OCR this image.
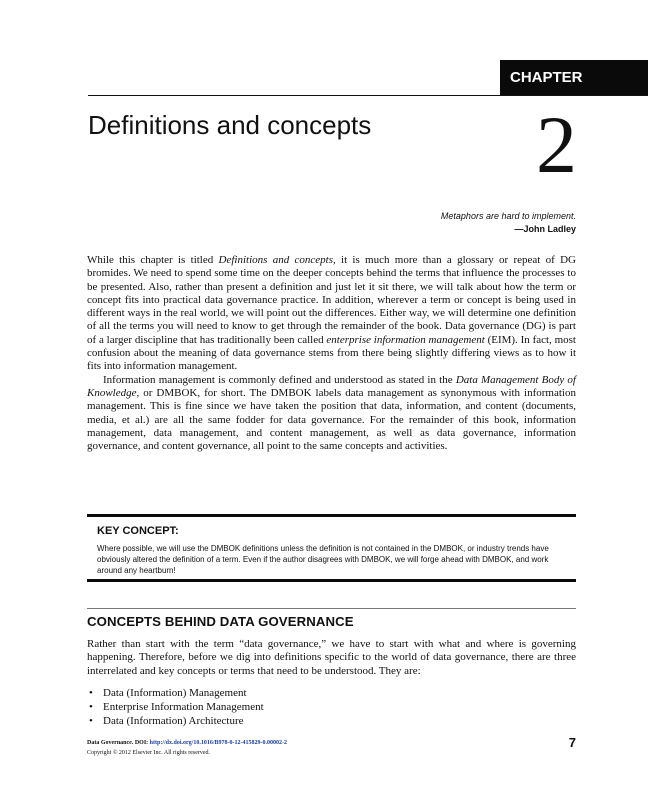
CHAPTER
Definitions and concepts 2
Metaphors are hard to implement.
—John Ladley

While this chapter is titled Definitions and concepts, it is much more than a glossary or repeat of DG bromides. We need to spend some time on the deeper concepts behind the terms that influence the processes to be presented. Also, rather than present a definition and just let it sit there, we will talk about how the term or concept fits into practical data governance practice. In addition, wherever a term or concept is being used in different ways in the real world, we will point out the differences. Either way, we will determine one definition of all the terms you will need to know to get through the remainder of the book. Data governance (DG) is part of a larger discipline that has traditionally been called enterprise information management (EIM). In fact, most confusion about the meaning of data governance stems from there being slightly differing views as to how it fits into information management.

Information management is commonly defined and understood as stated in the Data Management Body of Knowledge, or DMBOK, for short. The DMBOK labels data management as synonymous with information management. This is fine since we have taken the position that data, information, and content (documents, media, et al.) are all the same fodder for data governance. For the remainder of this book, information management, data management, and content management, as well as data governance, information governance, and content governance, all point to the same concepts and activities.

KEY CONCEPT:
Where possible, we will use the DMBOK definitions unless the definition is not contained in the DMBOK, or industry trends have obviously altered the definition of a term. Even if the author disagrees with DMBOK, we will forge ahead with DMBOK, and work around any heartburn!
CONCEPTS BEHIND DATA GOVERNANCE
Rather than start with the term “data governance,” we have to start with what and where is governing happening. Therefore, before we dig into definitions specific to the world of data governance, there are three interrelated and key concepts or terms that need to be understood. They are:
• Data (Information) Management
• Enterprise Information Management
• Data (Information) Architecture
Data Governance. DOI: http://dx.doi.org/10.1016/B978-0-12-415829-0.00002-2
Copyright © 2012 Elsevier Inc. All rights reserved.
7
